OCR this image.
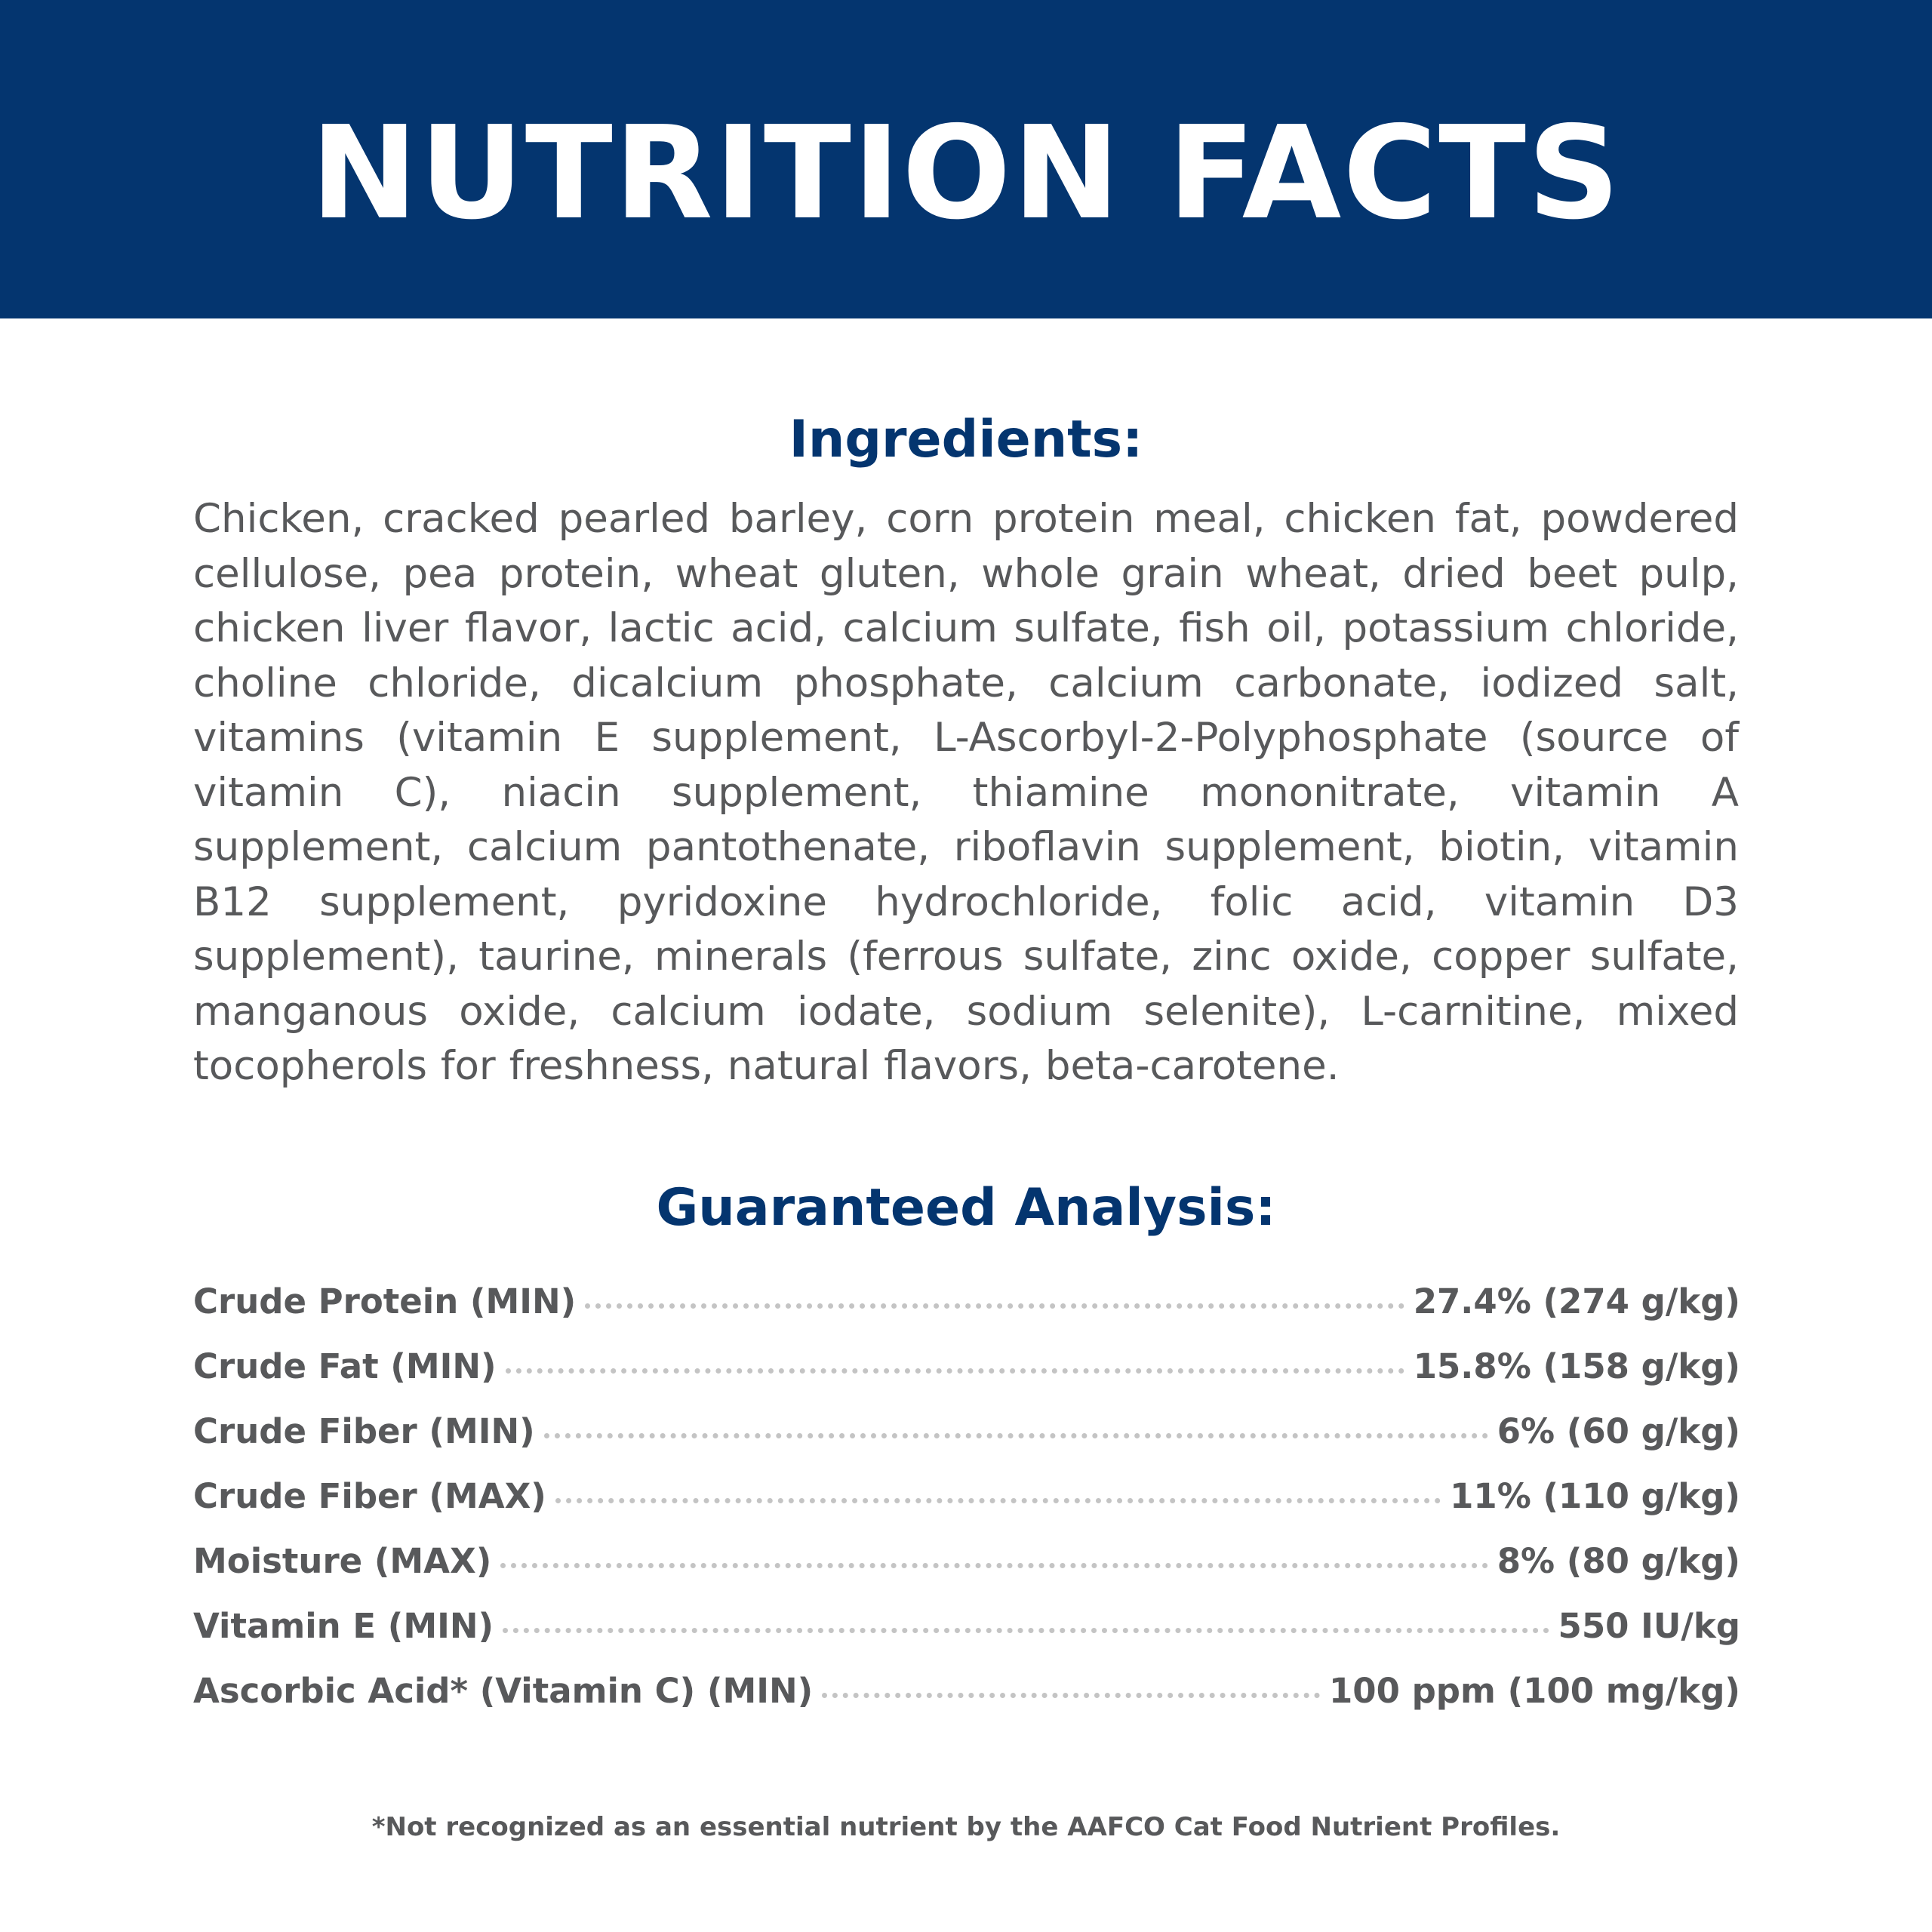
NUTRITION FACTS
Ingredients:
Chicken, cracked pearled barley, corn protein meal, chicken fat, powdered cellulose, pea protein, wheat gluten, whole grain wheat, dried beet pulp, chicken liver flavor, lactic acid, calcium sulfate, fish oil, potassium chloride, choline chloride, dicalcium phosphate, calcium carbonate, iodized salt, vitamins (vitamin E supplement, L-Ascorbyl-2-Polyphosphate (source of vitamin C), niacin supplement, thiamine mononitrate, vitamin A supplement, calcium pantothenate, riboflavin supplement, biotin, vitamin B12 supplement, pyridoxine hydrochloride, folic acid, vitamin D3 supplement), taurine, minerals (ferrous sulfate, zinc oxide, copper sulfate, manganous oxide, calcium iodate, sodium selenite), L-carnitine, mixed tocopherols for freshness, natural flavors, beta-carotene.
Guaranteed Analysis:
Crude Protein (MIN)	27.4% (274 g/kg)
Crude Fat (MIN)	15.8% (158 g/kg)
Crude Fiber (MIN)	6% (60 g/kg)
Crude Fiber (MAX)	11% (110 g/kg)
Moisture (MAX)	8% (80 g/kg)
Vitamin E (MIN)	550 IU/kg
Ascorbic Acid* (Vitamin C) (MIN)	100 ppm (100 mg/kg)
*Not recognized as an essential nutrient by the AAFCO Cat Food Nutrient Profiles.
